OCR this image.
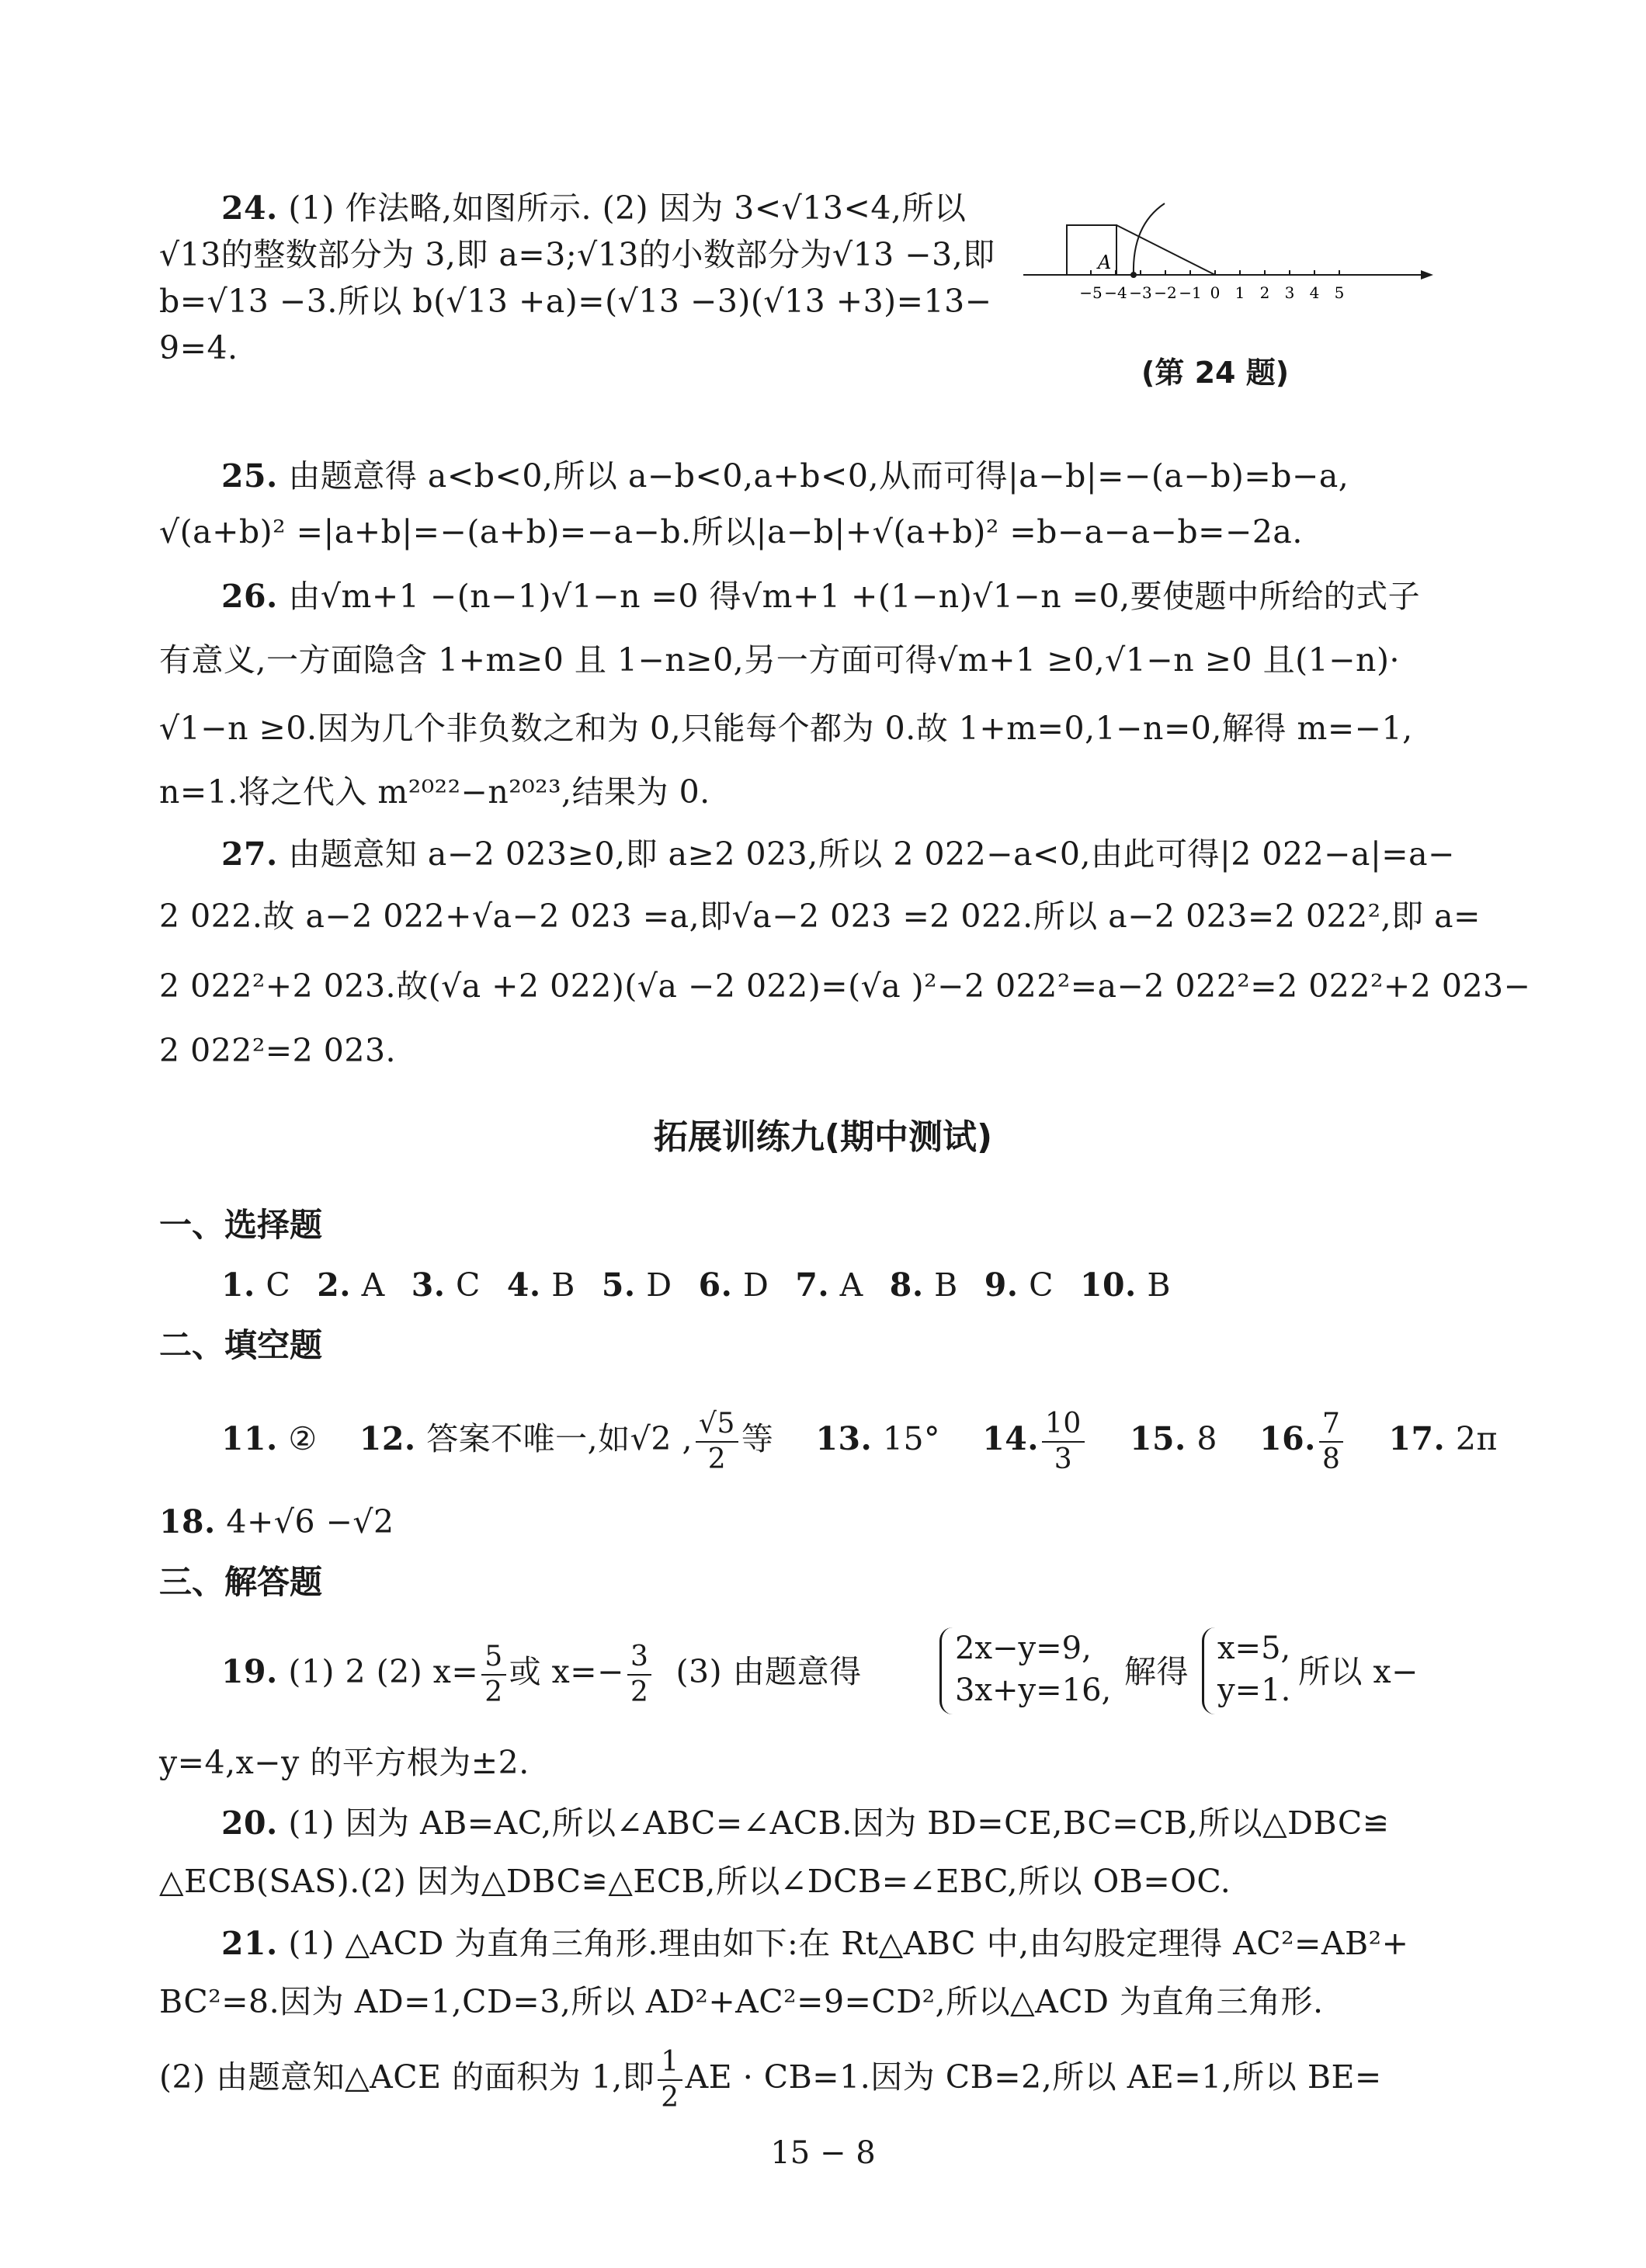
24. (1) 作法略,如图所示. (2) 因为 3<√13<4,所以
√13的整数部分为 3,即 a=3;√13的小数部分为√13 −3,即
b=√13 −3.所以 b(√13 +a)=(√13 −3)(√13 +3)=13−
9=4.
A
−5 −4 −3 −2 −1 0 1 2 3 4 5
(第 24 题)
25. 由题意得 a<b<0,所以 a−b<0,a+b<0,从而可得|a−b|=−(a−b)=b−a,
√(a+b)² =|a+b|=−(a+b)=−a−b.所以|a−b|+√(a+b)² =b−a−a−b=−2a.
26. 由√m+1 −(n−1)√1−n =0 得√m+1 +(1−n)√1−n =0,要使题中所给的式子
有意义,一方面隐含 1+m≥0 且 1−n≥0,另一方面可得√m+1 ≥0,√1−n ≥0 且(1−n)·
√1−n ≥0.因为几个非负数之和为 0,只能每个都为 0.故 1+m=0,1−n=0,解得 m=−1,
n=1.将之代入 m²⁰²²−n²⁰²³,结果为 0.
27. 由题意知 a−2 023≥0,即 a≥2 023,所以 2 022−a<0,由此可得|2 022−a|=a−
2 022.故 a−2 022+√a−2 023 =a,即√a−2 023 =2 022.所以 a−2 023=2 022²,即 a=
2 022²+2 023.故(√a +2 022)(√a −2 022)=(√a )²−2 022²=a−2 022²=2 022²+2 023−
2 022²=2 023.
拓展训练九(期中测试)
一、选择题
1. C 2. A 3. C 4. B 5. D 6. D 7. A 8. B 9. C 10. B
二、填空题
11. ② 12. 答案不唯一,如√2 , $\frac{√5}{2}$ 等 13. 15° 14. $\frac{10}{3} 15$. 8 16. $\frac{7}{8} 17$. 2π
18. 4+√6 −√2
三、解答题
19. (1) 2 (2) $x= \frac{5}{2}$ 或 $x=- \frac{3}{2} (3)$ 由题意得
2x−y=9,
3x+y=16, 解得
x=5,
y=1. 所以 x−
y=4,x−y 的平方根为±2.
20. (1) 因为 AB=AC,所以∠ABC=∠ACB.因为 BD=CE,BC=CB,所以△DBC≌
△ECB(SAS).(2) 因为△DBC≌△ECB,所以∠DCB=∠EBC,所以 OB=OC.
21. (1) △ACD 为直角三角形.理由如下:在 Rt△ABC 中,由勾股定理得 AC²=AB²+
BC²=8.因为 AD=1,CD=3,所以 AD²+AC²=9=CD²,所以△ACD 为直角三角形.
(2) 由题意知△ACE 的面积为 1,即 $\frac{1}{2}$ AE · CB=1.因为 CB=2,所以 AE=1,所以 BE=
15 − 8
